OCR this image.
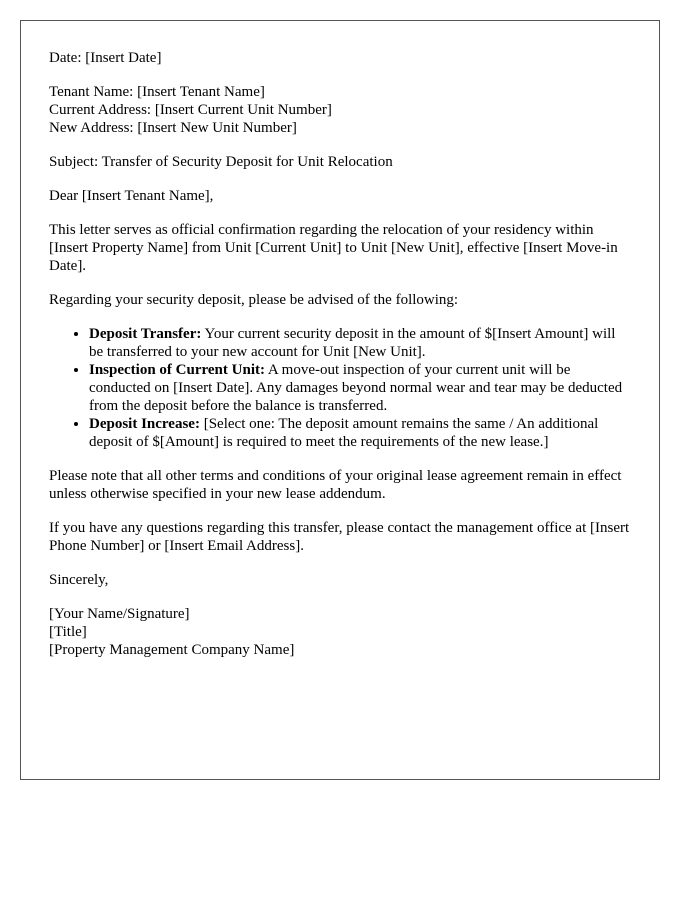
Date: [Insert Date]

Tenant Name: [Insert Tenant Name]
Current Address: [Insert Current Unit Number]
New Address: [Insert New Unit Number]

Subject: Transfer of Security Deposit for Unit Relocation

Dear [Insert Tenant Name],

This letter serves as official confirmation regarding the relocation of your residency within [Insert Property Name] from Unit [Current Unit] to Unit [New Unit], effective [Insert Move-in Date].

Regarding your security deposit, please be advised of the following:

• Deposit Transfer: Your current security deposit in the amount of $[Insert Amount] will be transferred to your new account for Unit [New Unit].
• Inspection of Current Unit: A move-out inspection of your current unit will be conducted on [Insert Date]. Any damages beyond normal wear and tear may be deducted from the deposit before the balance is transferred.
• Deposit Increase: [Select one: The deposit amount remains the same / An additional deposit of $[Amount] is required to meet the requirements of the new lease.]

Please note that all other terms and conditions of your original lease agreement remain in effect unless otherwise specified in your new lease addendum.

If you have any questions regarding this transfer, please contact the management office at [Insert Phone Number] or [Insert Email Address].

Sincerely,

[Your Name/Signature]
[Title]
[Property Management Company Name]
